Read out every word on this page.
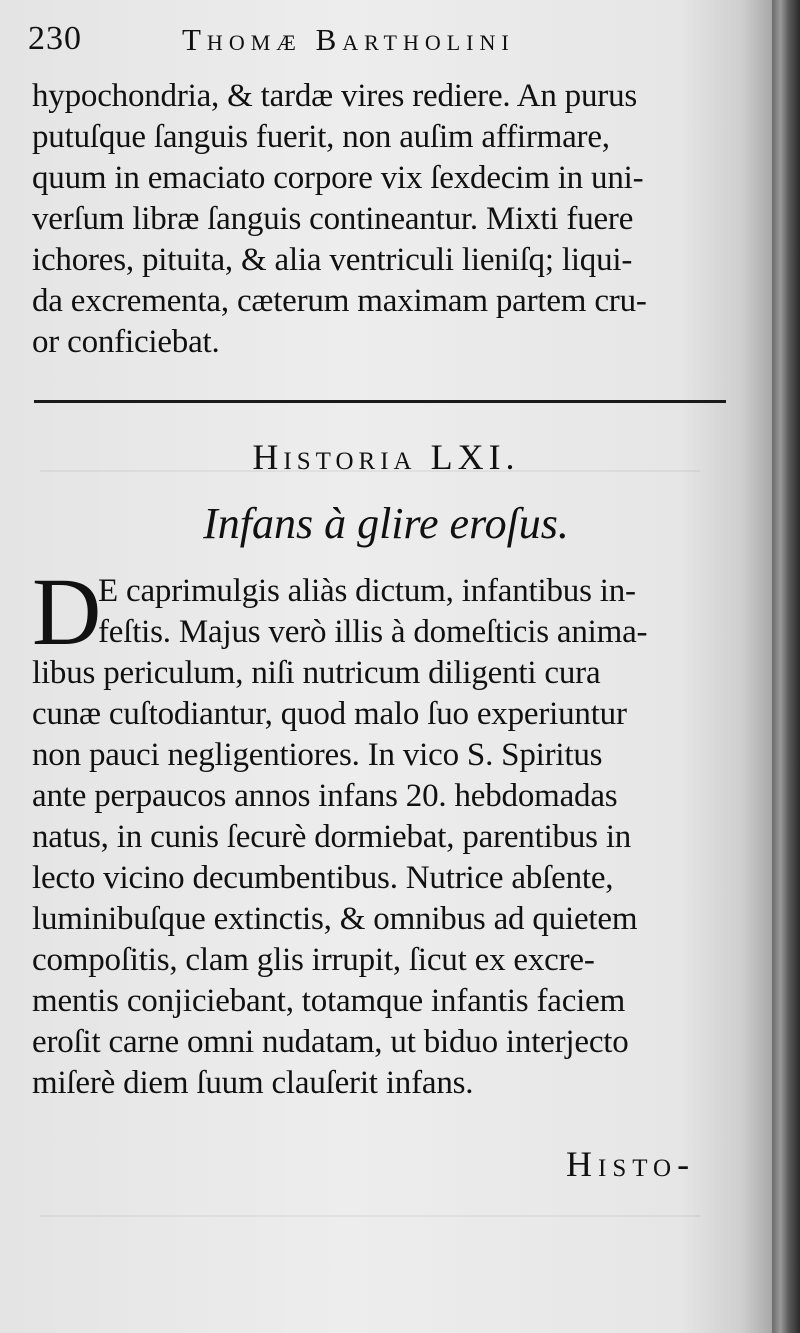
230	Thomæ Bartholini
hypochondria, & tardæ vires rediere. An purus
putuſque ſanguis fuerit, non auſim affirmare,
quum in emaciato corpore vix ſexdecim in uni-
verſum libræ ſanguis contineantur. Mixti fuere
ichores, pituita, & alia ventriculi lieniſq; liqui-
da excrementa, cæterum maximam partem cru-
or conficiebat.
Historia LXI.
Infans à glire eroſus.
D
E caprimulgis aliàs dictum, infantibus in-
feſtis. Majus verò illis à domeſticis anima-
libus periculum, niſi nutricum diligenti cura
cunæ cuſtodiantur, quod malo ſuo experiuntur
non pauci negligentiores. In vico S. Spiritus
ante perpaucos annos infans 20. hebdomadas
natus, in cunis ſecurè dormiebat, parentibus in
lecto vicino decumbentibus. Nutrice abſente,
luminibuſque extinctis, & omnibus ad quietem
compoſitis, clam glis irrupit, ſicut ex excre-
mentis conjiciebant, totamque infantis faciem
eroſit carne omni nudatam, ut biduo interjecto
miſerè diem ſuum clauſerit infans.
Histo-
